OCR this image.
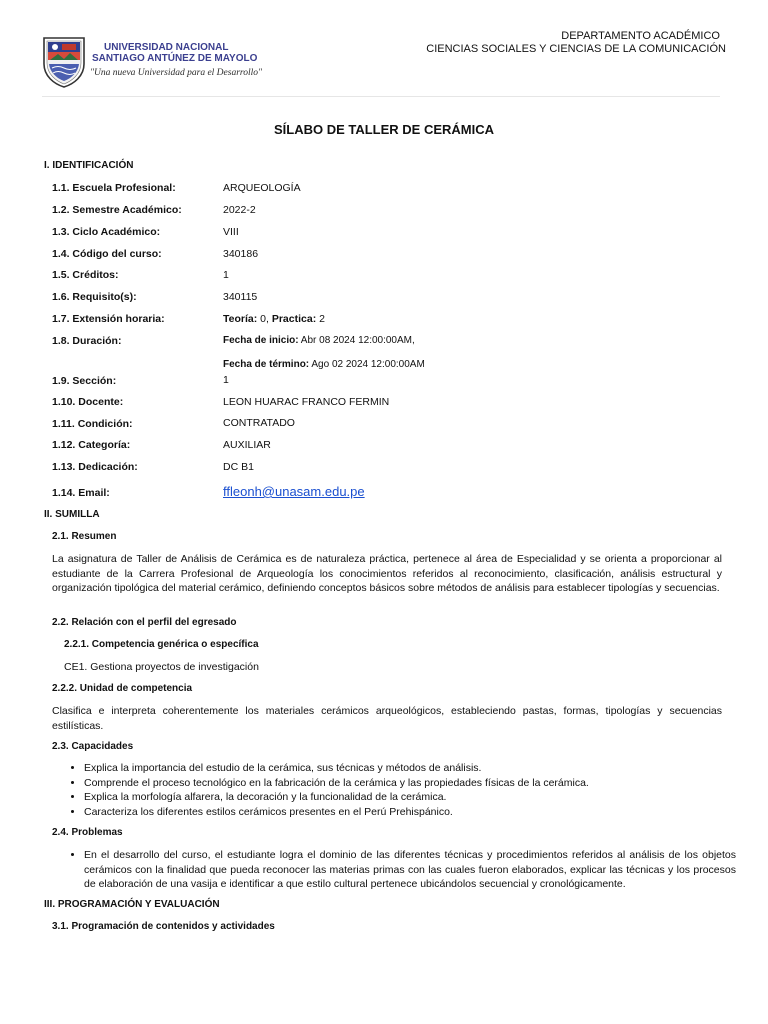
UNIVERSIDAD NACIONAL
SANTIAGO ANTÚNEZ DE MAYOLO
"Una nueva Universidad para el Desarrollo"
DEPARTAMENTO ACADÉMICO
CIENCIAS SOCIALES Y CIENCIAS DE LA COMUNICACIÓN
SÍLABO DE TALLER DE CERÁMICA
I. IDENTIFICACIÓN
1.1. Escuela Profesional:	ARQUEOLOGÍA
1.2. Semestre Académico:	2022-2
1.3. Ciclo Académico:	VIII
1.4. Código del curso:	340186
1.5. Créditos:	1
1.6. Requisito(s):	340115
1.7. Extensión horaria:	Teoría: 0, Practica: 2
1.8. Duración:	Fecha de inicio: Abr 08 2024 12:00:00AM,
Fecha de término: Ago 02 2024 12:00:00AM
1.9. Sección:	1
1.10. Docente:	LEON HUARAC FRANCO FERMIN
1.11. Condición:	CONTRATADO
1.12. Categoría:	AUXILIAR
1.13. Dedicación:	DC B1
1.14. Email:	ffleonh@unasam.edu.pe
II. SUMILLA
2.1. Resumen
La asignatura de Taller de Análisis de Cerámica es de naturaleza práctica, pertenece al área de Especialidad y se orienta a proporcionar al estudiante de la Carrera Profesional de Arqueología los conocimientos referidos al reconocimiento, clasificación, análisis estructural y organización tipológica del material cerámico, definiendo conceptos básicos sobre métodos de análisis para establecer tipologías y secuencias.
2.2. Relación con el perfil del egresado
2.2.1. Competencia genérica o específica
CE1. Gestiona proyectos de investigación
2.2.2. Unidad de competencia
Clasifica e interpreta coherentemente los materiales cerámicos arqueológicos, estableciendo pastas, formas, tipologías y secuencias estilísticas.
2.3. Capacidades
• Explica la importancia del estudio de la cerámica, sus técnicas y métodos de análisis.
• Comprende el proceso tecnológico en la fabricación de la cerámica y las propiedades físicas de la cerámica.
• Explica la morfología alfarera, la decoración y la funcionalidad de la cerámica.
• Caracteriza los diferentes estilos cerámicos presentes en el Perú Prehispánico.
2.4. Problemas
• En el desarrollo del curso, el estudiante logra el dominio de las diferentes técnicas y procedimientos referidos al análisis de los objetos cerámicos con la finalidad que pueda reconocer las materias primas con las cuales fueron elaborados, explicar las técnicas y los procesos de elaboración de una vasija e identificar a que estilo cultural pertenece ubicándolos secuencial y cronológicamente.
III. PROGRAMACIÓN Y EVALUACIÓN
3.1. Programación de contenidos y actividades
